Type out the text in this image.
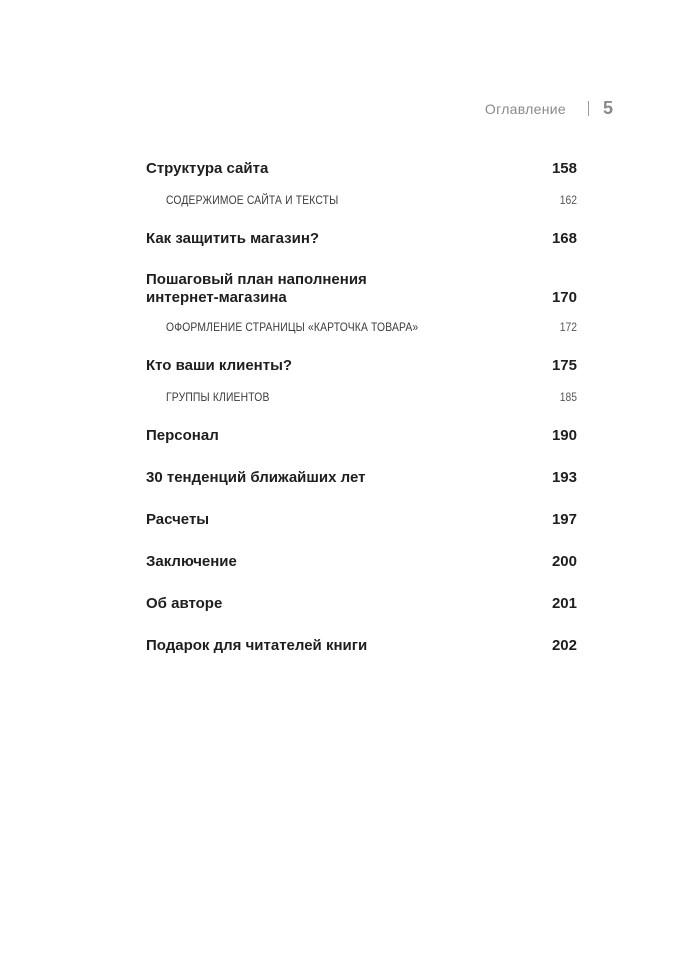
Оглавление 5
Структура сайта	158
СОДЕРЖИМОЕ САЙТА И ТЕКСТЫ	162
Как защитить магазин?	168
Пошаговый план наполнения
интернет-магазина	170
ОФОРМЛЕНИЕ СТРАНИЦЫ «КАРТОЧКА ТОВАРА»	172
Кто ваши клиенты?	175
ГРУППЫ КЛИЕНТОВ	185
Персонал	190
30 тенденций ближайших лет	193
Расчеты	197
Заключение	200
Об авторе	201
Подарок для читателей книги	202
